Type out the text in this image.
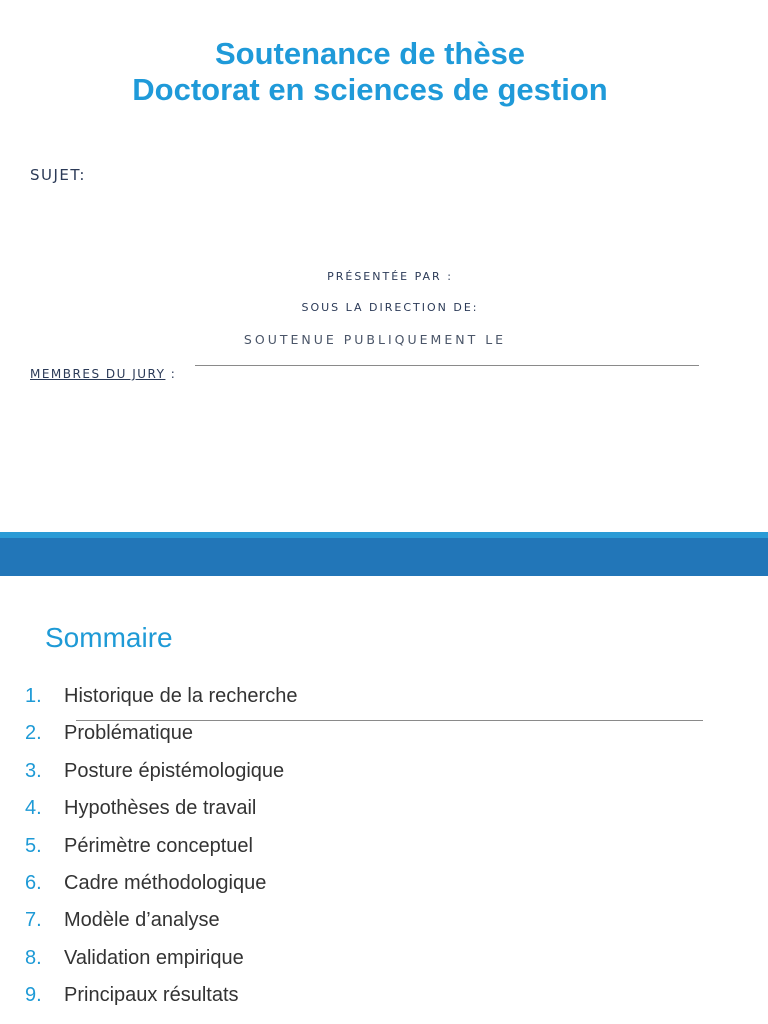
Soutenance de thèse
Doctorat en sciences de gestion
SUJET:
PRÉSENTÉE PAR :
SOUS LA DIRECTION DE:
SOUTENUE PUBLIQUEMENT LE
MEMBRES DU JURY :
Sommaire
1. Historique de la recherche
2. Problématique
3. Posture épistémologique
4. Hypothèses de travail
5. Périmètre conceptuel
6. Cadre méthodologique
7. Modèle d’analyse
8. Validation empirique
9. Principaux résultats
